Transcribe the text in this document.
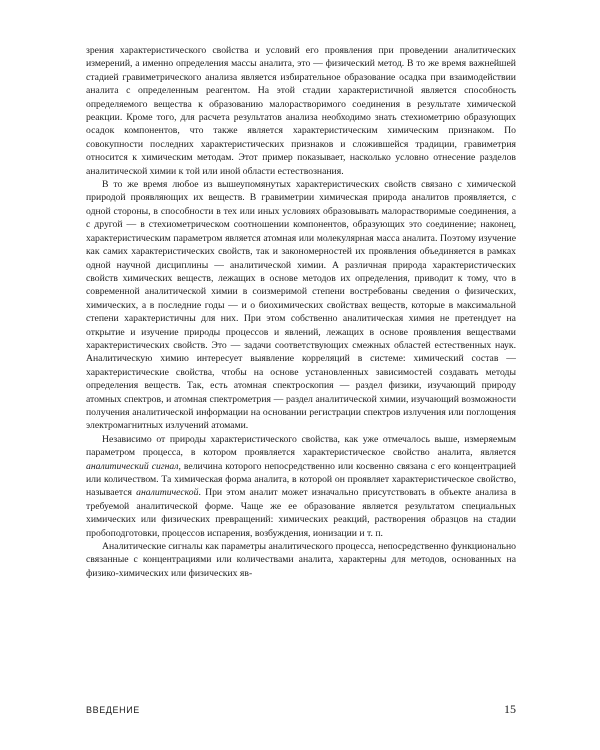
зрения характеристического свойства и условий его проявления при проведении аналитических измерений, а именно определения массы аналита, это — физический метод. В то же время важнейшей стадией гравиметрического анализа является избирательное образование осадка при взаимодействии аналита с определенным реагентом. На этой стадии характеристичной является способность определяемого вещества к образованию малорастворимого соединения в результате химической реакции. Кроме того, для расчета результатов анализа необходимо знать стехиометрию образующих осадок компонентов, что также является характеристическим химическим признаком. По совокупности последних характеристических признаков и сложившейся традиции, гравиметрия относится к химическим методам. Этот пример показывает, насколько условно отнесение разделов аналитической химии к той или иной области естествознания.

В то же время любое из вышеупомянутых характеристических свойств связано с химической природой проявляющих их веществ. В гравиметрии химическая природа аналитов проявляется, с одной стороны, в способности в тех или иных условиях образовывать малорастворимые соединения, а с другой — в стехиометрическом соотношении компонентов, образующих это соединение; наконец, характеристическим параметром является атомная или молекулярная масса аналита. Поэтому изучение как самих характеристических свойств, так и закономерностей их проявления объединяется в рамках одной научной дисциплины — аналитической химии. А различная природа характеристических свойств химических веществ, лежащих в основе методов их определения, приводит к тому, что в современной аналитической химии в соизмеримой степени востребованы сведения о физических, химических, а в последние годы — и о биохимических свойствах веществ, которые в максимальной степени характеристичны для них. При этом собственно аналитическая химия не претендует на открытие и изучение природы процессов и явлений, лежащих в основе проявления веществами характеристических свойств. Это — задачи соответствующих смежных областей естественных наук. Аналитическую химию интересует выявление корреляций в системе: химический состав — характеристические свойства, чтобы на основе установленных зависимостей создавать методы определения веществ. Так, есть атомная спектроскопия — раздел физики, изучающий природу атомных спектров, и атомная спектрометрия — раздел аналитической химии, изучающий возможности получения аналитической информации на основании регистрации спектров излучения или поглощения электромагнитных излучений атомами.

Независимо от природы характеристического свойства, как уже отмечалось выше, измеряемым параметром процесса, в котором проявляется характеристическое свойство аналита, является аналитический сигнал, величина которого непосредственно или косвенно связана с его концентрацией или количеством. Та химическая форма аналита, в которой он проявляет характеристическое свойство, называется аналитической. При этом аналит может изначально присутствовать в объекте анализа в требуемой аналитической форме. Чаще же ее образование является результатом специальных химических или физических превращений: химических реакций, растворения образцов на стадии пробоподготовки, процессов испарения, возбуждения, ионизации и т. п.

Аналитические сигналы как параметры аналитического процесса, непосредственно функционально связанные с концентрациями или количествами аналита, характерны для методов, основанных на физико-химических или физических яв-

ВВЕДЕНИЕ	15
